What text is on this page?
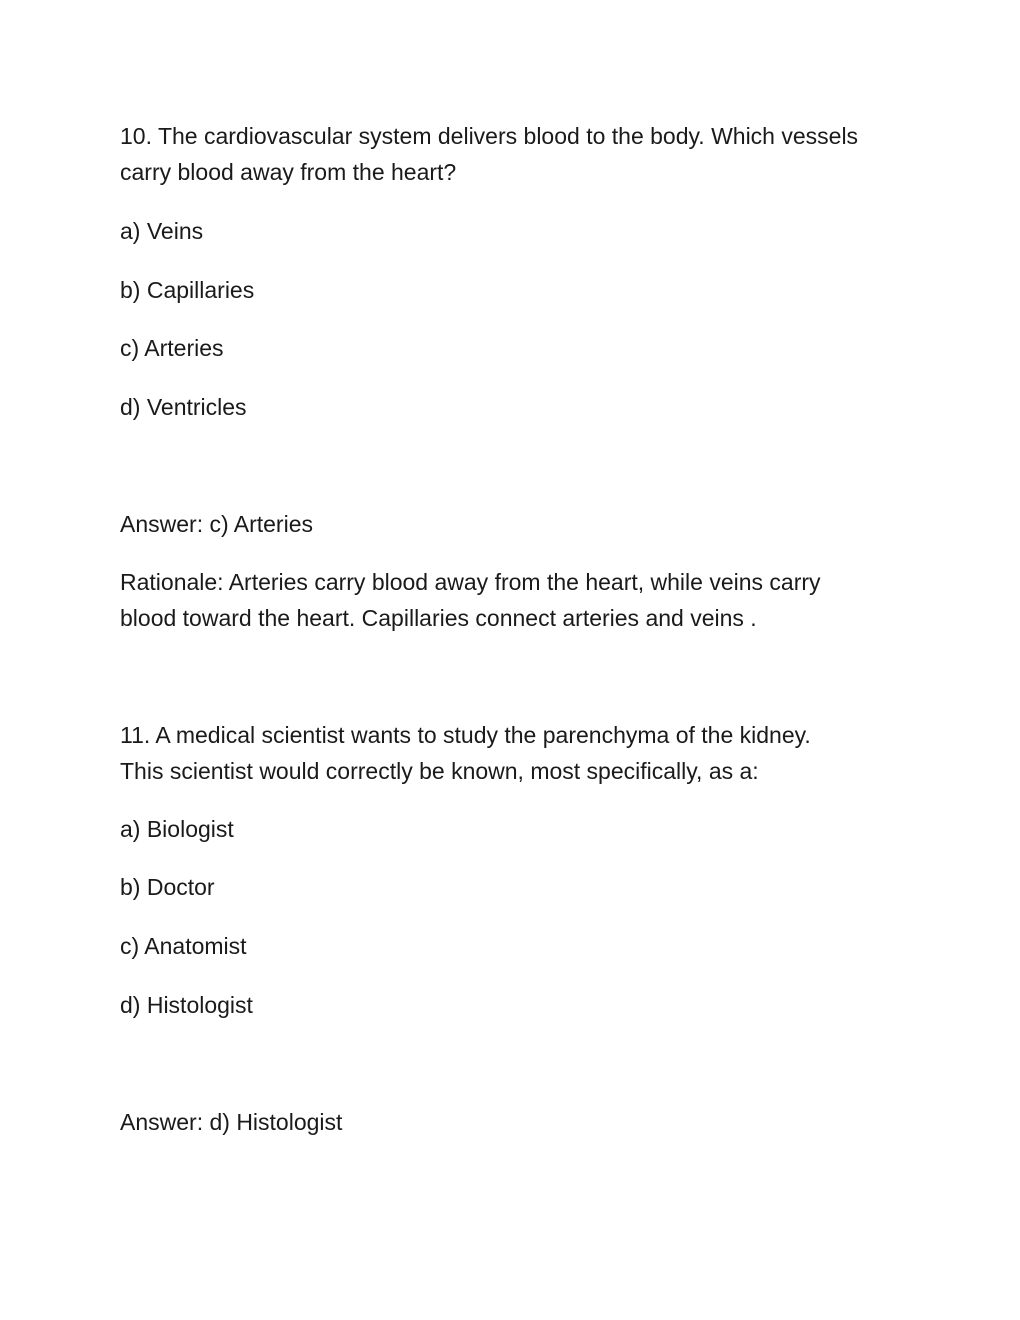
10. The cardiovascular system delivers blood to the body. Which vessels
carry blood away from the heart?
a) Veins
b) Capillaries
c) Arteries
d) Ventricles
Answer: c) Arteries
Rationale: Arteries carry blood away from the heart, while veins carry
blood toward the heart. Capillaries connect arteries and veins .
11. A medical scientist wants to study the parenchyma of the kidney.
This scientist would correctly be known, most specifically, as a:
a) Biologist
b) Doctor
c) Anatomist
d) Histologist
Answer: d) Histologist
